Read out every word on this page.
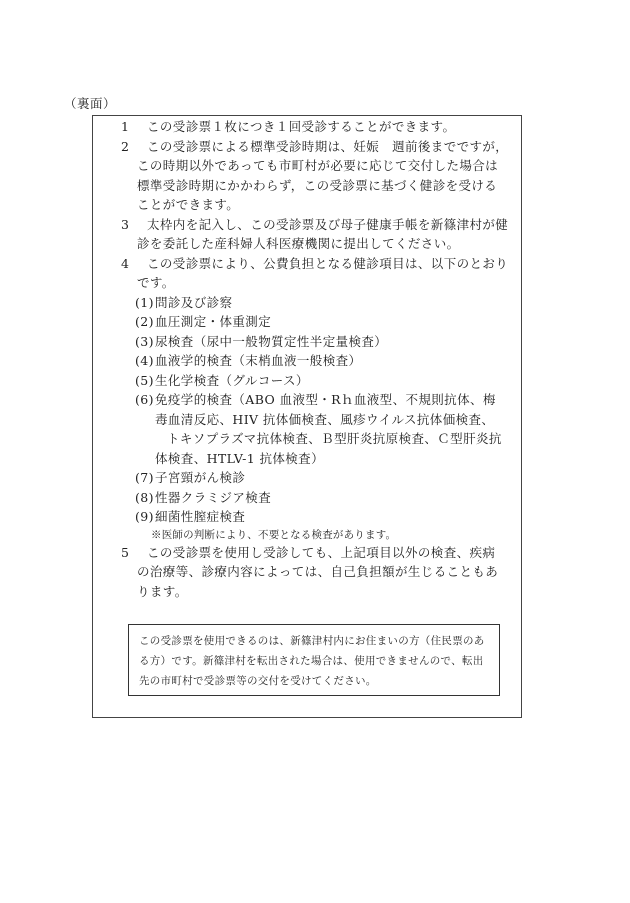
（裏面）
1	この受診票１枚につき１回受診することができます。
2	この受診票による標準受診時期は、妊娠　週前後までですが，
この時期以外であっても市町村が必要に応じて交付した場合は
標準受診時期にかかわらず，この受診票に基づく健診を受ける
ことができます。
3	太枠内を記入し、この受診票及び母子健康手帳を新篠津村が健
診を委託した産科婦人科医療機関に提出してください。
4	この受診票により、公費負担となる健診項目は、以下のとおり
です。
(1) 問診及び診察
(2) 血圧測定・体重測定
(3) 尿検査（尿中一般物質定性半定量検査）
(4) 血液学的検査（末梢血液一般検査）
(5) 生化学検査（グルコース）
(6) 免疫学的検査（ABO 血液型・Rｈ血液型、不規則抗体、梅
毒血清反応、HIV 抗体価検査、風疹ウイルス抗体価検査、
トキソプラズマ抗体検査、Ｂ型肝炎抗原検査、Ｃ型肝炎抗
体検査、HTLV-1 抗体検査）
(7) 子宮頸がん検診
(8) 性器クラミジア検査
(9) 細菌性膣症検査
※医師の判断により、不要となる検査があります。
5	この受診票を使用し受診しても、上記項目以外の検査、疾病
の治療等、診療内容によっては、自己負担額が生じることもあ
ります。
この受診票を使用できるのは、新篠津村内にお住まいの方（住民票のあ
る方）です。新篠津村を転出された場合は、使用できませんので、転出
先の市町村で受診票等の交付を受けてください。
